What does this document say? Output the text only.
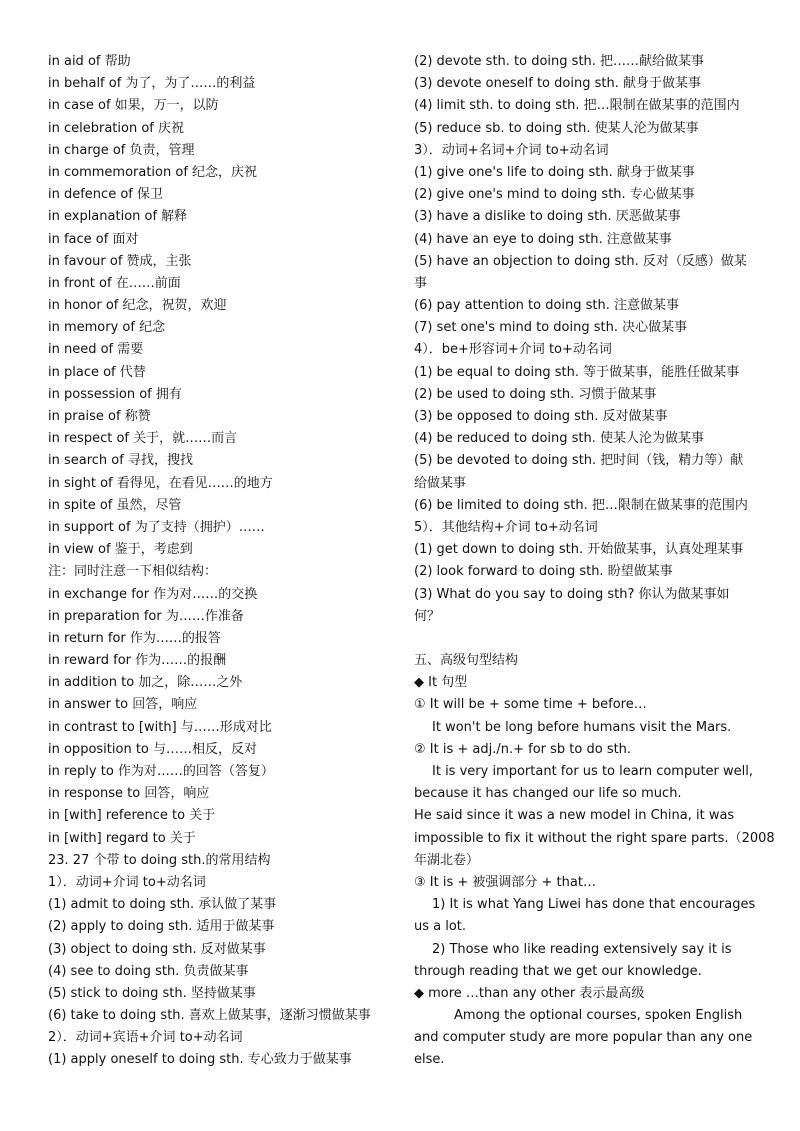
in aid of 帮助
in behalf of 为了，为了……的利益
in case of 如果，万一，以防
in celebration of 庆祝
in charge of 负责，管理
in commemoration of 纪念，庆祝
in defence of 保卫
in explanation of 解释
in face of 面对
in favour of 赞成，主张
in front of 在……前面
in honor of 纪念，祝贺，欢迎
in memory of 纪念
in need of 需要
in place of 代替
in possession of 拥有
in praise of 称赞
in respect of 关于，就……而言
in search of 寻找，搜找
in sight of 看得见，在看见……的地方
in spite of 虽然，尽管
in support of 为了支持（拥护）……
in view of 鉴于，考虑到
注：同时注意一下相似结构：
in exchange for 作为对……的交换
in preparation for 为……作准备
in return for 作为……的报答
in reward for 作为……的报酬
in addition to 加之，除……之外
in answer to 回答，响应
in contrast to [with] 与……形成对比
in opposition to 与……相反，反对
in reply to 作为对……的回答（答复）
in response to 回答，响应
in [with] reference to 关于
in [with] regard to 关于
23. 27 个带 to doing sth.的常用结构
1）．动词+介词 to+动名词
(1) admit to doing sth. 承认做了某事
(2) apply to doing sth. 适用于做某事
(3) object to doing sth. 反对做某事
(4) see to doing sth. 负责做某事
(5) stick to doing sth. 坚持做某事
(6) take to doing sth. 喜欢上做某事，逐渐习惯做某事
2）．动词+宾语+介词 to+动名词
(1) apply oneself to doing sth. 专心致力于做某事
(2) devote sth. to doing sth. 把……献给做某事
(3) devote oneself to doing sth. 献身于做某事
(4) limit sth. to doing sth. 把…限制在做某事的范围内
(5) reduce sb. to doing sth. 使某人沦为做某事
3）．动词+名词+介词 to+动名词
(1) give one's life to doing sth. 献身于做某事
(2) give one's mind to doing sth. 专心做某事
(3) have a dislike to doing sth. 厌恶做某事
(4) have an eye to doing sth. 注意做某事
(5) have an objection to doing sth. 反对（反感）做某
事
(6) pay attention to doing sth. 注意做某事
(7) set one's mind to doing sth. 决心做某事
4）．be+形容词+介词 to+动名词
(1) be equal to doing sth. 等于做某事，能胜任做某事
(2) be used to doing sth. 习惯于做某事
(3) be opposed to doing sth. 反对做某事
(4) be reduced to doing sth. 使某人沦为做某事
(5) be devoted to doing sth. 把时间（钱，精力等）献
给做某事
(6) be limited to doing sth. 把…限制在做某事的范围内
5）．其他结构+介词 to+动名词
(1) get down to doing sth. 开始做某事，认真处理某事
(2) look forward to doing sth. 盼望做某事
(3) What do you say to doing sth? 你认为做某事如
何？
五、高级句型结构
◆ It 句型
① It will be + some time + before…
It won't be long before humans visit the Mars.
② It is + adj./n.+ for sb to do sth.
It is very important for us to learn computer well,
because it has changed our life so much.
He said since it was a new model in China, it was
impossible to fix it without the right spare parts.（2008
年湖北卷）
③ It is + 被强调部分 + that…
1) It is what Yang Liwei has done that encourages
us a lot.
2) Those who like reading extensively say it is
through reading that we get our knowledge.
◆ more …than any other 表示最高级
Among the optional courses, spoken English
and computer study are more popular than any one
else.
